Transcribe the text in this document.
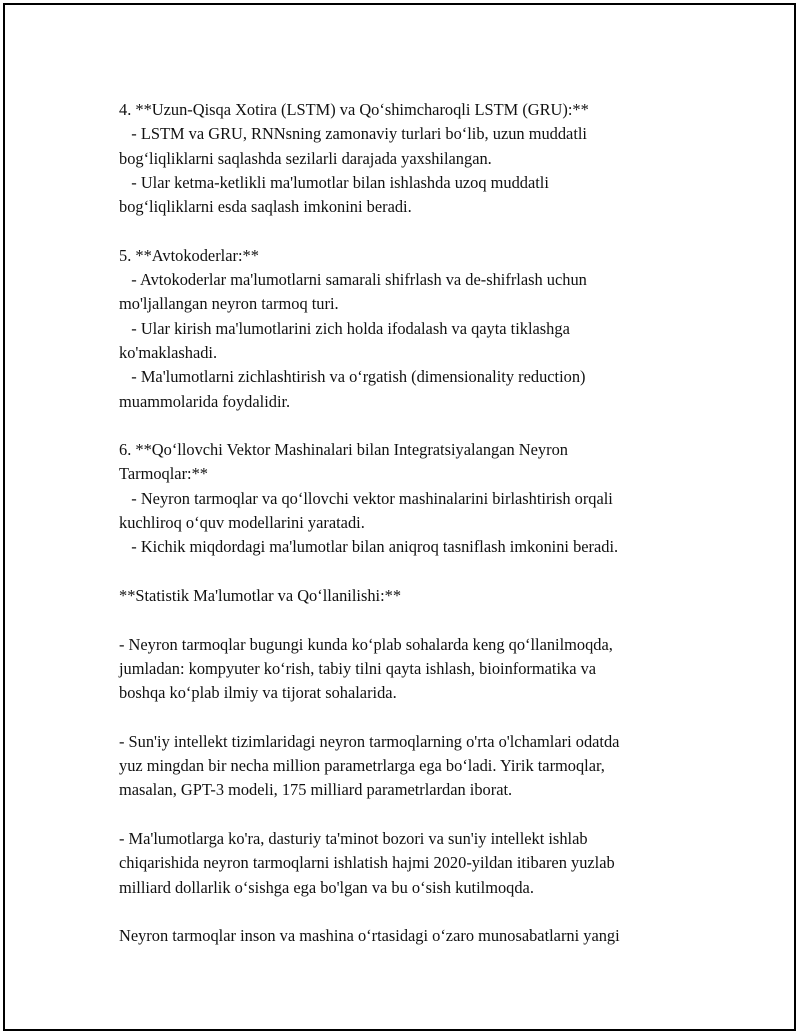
4. **Uzun-Qisqa Xotira (LSTM) va Qo‘shimcharoqli LSTM (GRU):**
- LSTM va GRU, RNNsning zamonaviy turlari bo‘lib, uzun muddatli
bog‘liqliklarni saqlashda sezilarli darajada yaxshilangan.
- Ular ketma-ketlikli ma'lumotlar bilan ishlashda uzoq muddatli
bog‘liqliklarni esda saqlash imkonini beradi.
5. **Avtokoderlar:**
- Avtokoderlar ma'lumotlarni samarali shifrlash va de-shifrlash uchun
mo'ljallangan neyron tarmoq turi.
- Ular kirish ma'lumotlarini zich holda ifodalash va qayta tiklashga
ko'maklashadi.
- Ma'lumotlarni zichlashtirish va o‘rgatish (dimensionality reduction)
muammolarida foydalidir.
6. **Qo‘llovchi Vektor Mashinalari bilan Integratsiyalangan Neyron
Tarmoqlar:**
- Neyron tarmoqlar va qo‘llovchi vektor mashinalarini birlashtirish orqali
kuchliroq o‘quv modellarini yaratadi.
- Kichik miqdordagi ma'lumotlar bilan aniqroq tasniflash imkonini beradi.
**Statistik Ma'lumotlar va Qo‘llanilishi:**
- Neyron tarmoqlar bugungi kunda ko‘plab sohalarda keng qo‘llanilmoqda,
jumladan: kompyuter ko‘rish, tabiy tilni qayta ishlash, bioinformatika va
boshqa ko‘plab ilmiy va tijorat sohalarida.
- Sun'iy intellekt tizimlaridagi neyron tarmoqlarning o'rta o'lchamlari odatda
yuz mingdan bir necha million parametrlarga ega bo‘ladi. Yirik tarmoqlar,
masalan, GPT-3 modeli, 175 milliard parametrlardan iborat.
- Ma'lumotlarga ko'ra, dasturiy ta'minot bozori va sun'iy intellekt ishlab
chiqarishida neyron tarmoqlarni ishlatish hajmi 2020-yildan itibaren yuzlab
milliard dollarlik o‘sishga ega bo'lgan va bu o‘sish kutilmoqda.
Neyron tarmoqlar inson va mashina o‘rtasidagi o‘zaro munosabatlarni yangi
